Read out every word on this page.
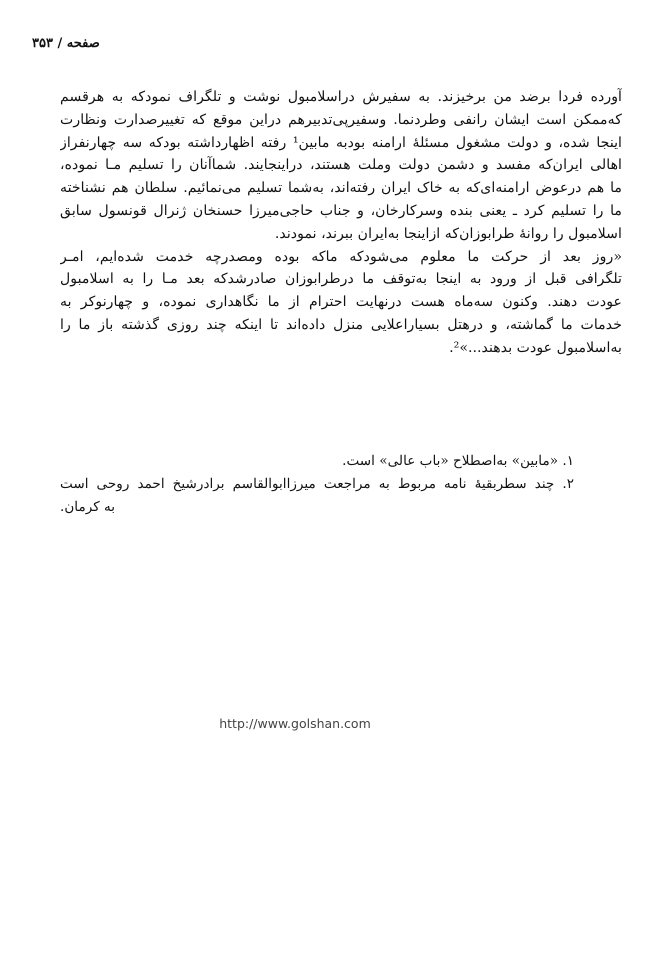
صفحه / ۳۵۳
آورده فردا برضد من برخیزند. به سفیرش دراسلامبول نوشت و تلگراف نمودکه به هرقسم
که‌ممکن است ایشان رانفی وطردنما. وسفیرپی‌تدبیرهم دراین موقع که تغییرصدارت ونظارت
اینجا شده، و دولت مشغول مسئلهٔ ارامنه بودبه مابین¹ رفته اظهارداشته بودکه سه چهارنفراز
اهالی ایران‌که مفسد و دشمن دولت وملت هستند، دراینجایند. شماآنان را تسلیم مـا نموده،
ما هم درعوض ارامنه‌ای‌که به خاک ایران رفته‌اند، به‌شما تسلیم می‌نمائیم. سلطان هم نشناخته
ما را تسلیم کرد ـ یعنی بنده وسرکارخان، و جناب حاجی‌میرزا حسنخان ژنرال قونسول سابق
اسلامبول را روانهٔ طرابوزان‌که ازاینجا به‌ایران ببرند، نمودند.
«روز بعد از حرکت ما معلوم می‌شودکه ماکه بوده ومصدرچه خدمت شده‌ایم، امـر
تلگرافی قبل از ورود به اینجا به‌توقف ما درطرابوزان صادرشدکه بعد مـا را به اسلامبول
عودت دهند. وکنون سه‌ماه هست درنهایت احترام از ما نگاهداری نموده، و چهارنوکر به
خدمات ما گماشته، و درهتل بسیاراعلایی منزل داده‌اند تا اینکه چند روزی گذشته باز ما را
به‌اسلامبول عودت بدهند...»².
۱. «مابین» به‌اصطلاح «باب عالی» است.
۲. چند سطربقیهٔ نامه مربوط به مراجعت میرزاابوالقاسم برادرشیخ احمد روحی است
به کرمان.
http://www.golshan.com
